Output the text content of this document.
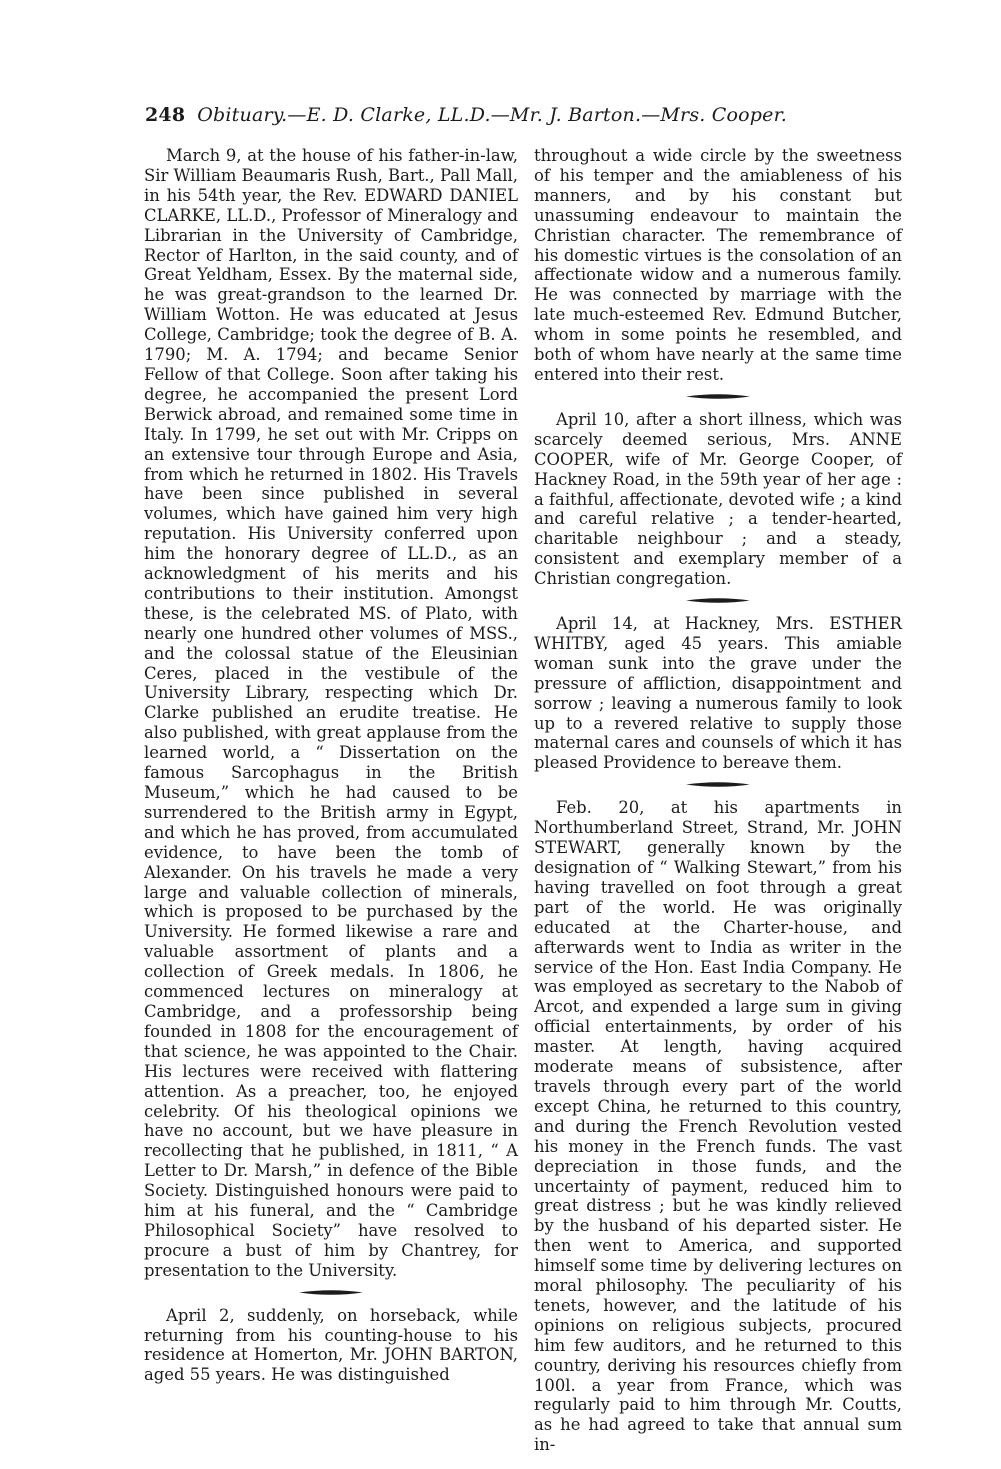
248 Obituary.—E. D. Clarke, LL.D.—Mr. J. Barton.—Mrs. Cooper.

March 9, at the house of his father-in-law, Sir William Beaumaris Rush, Bart., Pall Mall, in his 54th year, the Rev. EDWARD DANIEL CLARKE, LL.D., Professor of Mineralogy and Librarian in the University of Cambridge, Rector of Harlton, in the said county, and of Great Yeldham, Essex. By the maternal side, he was great-grandson to the learned Dr. William Wotton. He was educated at Jesus College, Cambridge; took the degree of B. A. 1790; M. A. 1794; and became Senior Fellow of that College. Soon after taking his degree, he accompanied the present Lord Berwick abroad, and remained some time in Italy. In 1799, he set out with Mr. Cripps on an extensive tour through Europe and Asia, from which he returned in 1802. His Travels have been since published in several volumes, which have gained him very high reputation. His University conferred upon him the honorary degree of LL.D., as an acknowledgment of his merits and his contributions to their institution. Amongst these, is the celebrated MS. of Plato, with nearly one hundred other volumes of MSS., and the colossal statue of the Eleusinian Ceres, placed in the vestibule of the University Library, respecting which Dr. Clarke published an erudite treatise. He also published, with great applause from the learned world, a “ Dissertation on the famous Sarcophagus in the British Museum,” which he had caused to be surrendered to the British army in Egypt, and which he has proved, from accumulated evidence, to have been the tomb of Alexander. On his travels he made a very large and valuable collection of minerals, which is proposed to be purchased by the University. He formed likewise a rare and valuable assortment of plants and a collection of Greek medals. In 1806, he commenced lectures on mineralogy at Cambridge, and a professorship being founded in 1808 for the encouragement of that science, he was appointed to the Chair. His lectures were received with flattering attention. As a preacher, too, he enjoyed celebrity. Of his theological opinions we have no account, but we have pleasure in recollecting that he published, in 1811, “ A Letter to Dr. Marsh,” in defence of the Bible Society. Distinguished honours were paid to him at his funeral, and the “ Cambridge Philosophical Society” have resolved to procure a bust of him by Chantrey, for presentation to the University.

April 2, suddenly, on horseback, while returning from his counting-house to his residence at Homerton, Mr. JOHN BARTON, aged 55 years. He was distinguished

throughout a wide circle by the sweetness of his temper and the amiableness of his manners, and by his constant but unassuming endeavour to maintain the Christian character. The remembrance of his domestic virtues is the consolation of an affectionate widow and a numerous family. He was connected by marriage with the late much-esteemed Rev. Edmund Butcher, whom in some points he resembled, and both of whom have nearly at the same time entered into their rest.

April 10, after a short illness, which was scarcely deemed serious, Mrs. ANNE COOPER, wife of Mr. George Cooper, of Hackney Road, in the 59th year of her age : a faithful, affectionate, devoted wife ; a kind and careful relative ; a tender-hearted, charitable neighbour ; and a steady, consistent and exemplary member of a Christian congregation.

April 14, at Hackney, Mrs. ESTHER WHITBY, aged 45 years. This amiable woman sunk into the grave under the pressure of affliction, disappointment and sorrow ; leaving a numerous family to look up to a revered relative to supply those maternal cares and counsels of which it has pleased Providence to bereave them.

Feb. 20, at his apartments in Northumberland Street, Strand, Mr. JOHN STEWART, generally known by the designation of “ Walking Stewart,” from his having travelled on foot through a great part of the world. He was originally educated at the Charter-house, and afterwards went to India as writer in the service of the Hon. East India Company. He was employed as secretary to the Nabob of Arcot, and expended a large sum in giving official entertainments, by order of his master. At length, having acquired moderate means of subsistence, after travels through every part of the world except China, he returned to this country, and during the French Revolution vested his money in the French funds. The vast depreciation in those funds, and the uncertainty of payment, reduced him to great distress ; but he was kindly relieved by the husband of his departed sister. He then went to America, and supported himself some time by delivering lectures on moral philosophy. The peculiarity of his tenets, however, and the latitude of his opinions on religious subjects, procured him few auditors, and he returned to this country, deriving his resources chiefly from 100l. a year from France, which was regularly paid to him through Mr. Coutts, as he had agreed to take that annual sum in-
